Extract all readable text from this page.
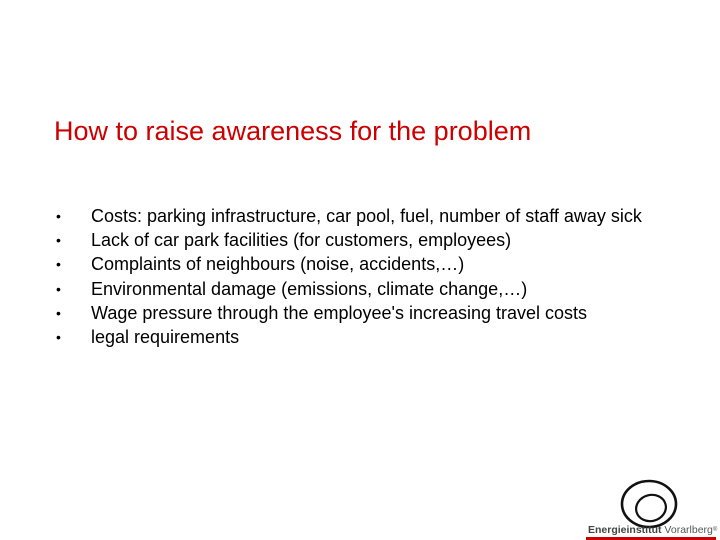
How to raise awareness for the problem
•	Costs: parking infrastructure, car pool, fuel, number of staff away sick
•	Lack of car park facilities (for customers, employees)
•	Complaints of neighbours (noise, accidents,…)
•	Environmental damage (emissions, climate change,…)
•	Wage pressure through the employee's increasing travel costs
•	legal requirements
Energieinstitut Vorarlberg®
